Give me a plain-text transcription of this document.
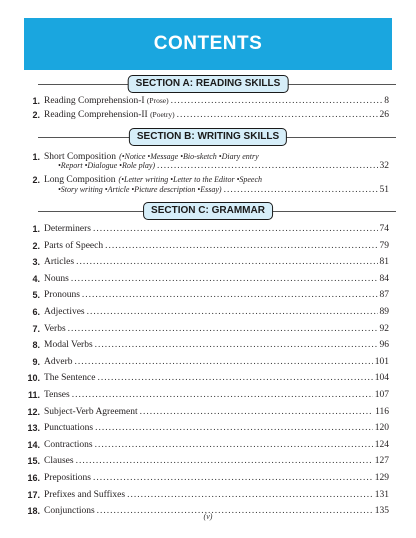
CONTENTS
SECTION A: READING SKILLS
1. Reading Comprehension-I (Prose) .....	8
2. Reading Comprehension-II (Poetry) .....	26
SECTION B: WRITING SKILLS
1. Short Composition (•Notice •Message •Bio-sketch •Diary entry
•Report •Dialogue •Role play) .....	32
2. Long Composition (•Letter writing •Letter to the Editor •Speech
•Story writing •Article •Picture description •Essay) .....	51
SECTION C: GRAMMAR
1. Determiners .....	74
2. Parts of Speech .....	79
3. Articles .....	81
4. Nouns .....	84
5. Pronouns .....	87
6. Adjectives .....	89
7. Verbs .....	92
8. Modal Verbs .....	96
9. Adverb .....	101
10. The Sentence .....	104
11. Tenses .....	107
12. Subject-Verb Agreement .....	116
13. Punctuations .....	120
14. Contractions .....	124
15. Clauses .....	127
16. Prepositions .....	129
17. Prefixes and Suffixes .....	131
18. Conjunctions .....	135
(v)
